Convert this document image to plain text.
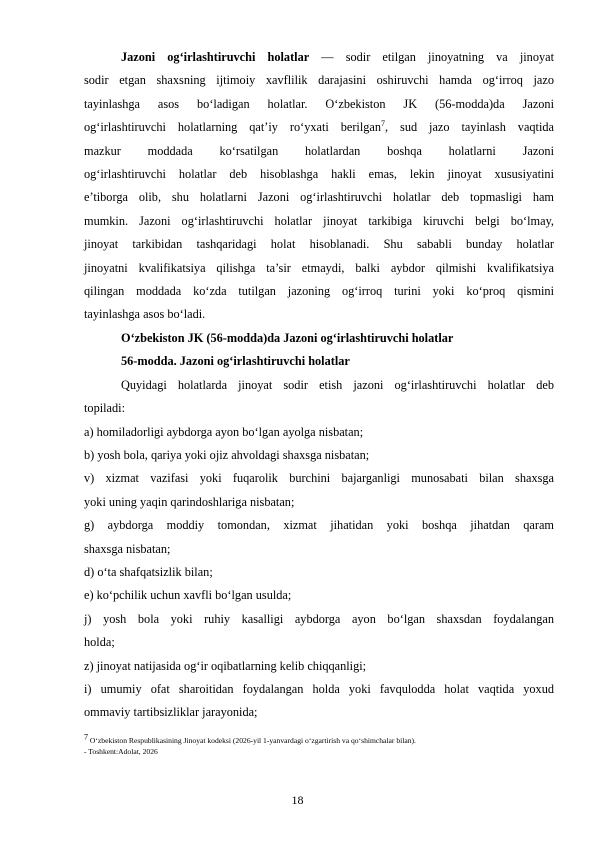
Jazoni og‘irlashtiruvchi holatlar — sodir etilgan jinoyatning va jinoyat
sodir etgan shaxsning ijtimoiy xavflilik darajasini oshiruvchi hamda og‘irroq jazo
tayinlashga asos bo‘ladigan holatlar. O‘zbekiston JK (56-modda)da Jazoni
og‘irlashtiruvchi holatlarning qat’iy ro‘yxati berilgan$^7$, sud jazo tayinlash vaqtida
mazkur moddada ko‘rsatilgan holatlardan boshqa holatlarni Jazoni
og‘irlashtiruvchi holatlar deb hisoblashga hakli emas, lekin jinoyat xususiyatini
e’tiborga olib, shu holatlarni Jazoni og‘irlashtiruvchi holatlar deb topmasligi ham
mumkin. Jazoni og‘irlashtiruvchi holatlar jinoyat tarkibiga kiruvchi belgi bo‘lmay,
jinoyat tarkibidan tashqaridagi holat hisoblanadi. Shu sababli bunday holatlar
jinoyatni kvalifikatsiya qilishga ta’sir etmaydi, balki aybdor qilmishi kvalifikatsiya
qilingan moddada ko‘zda tutilgan jazoning og‘irroq turini yoki ko‘proq qismini
tayinlashga asos bo‘ladi.

O‘zbekiston JK (56-modda)da Jazoni og‘irlashtiruvchi holatlar

56-modda. Jazoni og‘irlashtiruvchi holatlar

Quyidagi holatlarda jinoyat sodir etish jazoni og‘irlashtiruvchi holatlar deb
topiladi:
a) homiladorligi aybdorga ayon bo‘lgan ayolga nisbatan;
b) yosh bola, qariya yoki ojiz ahvoldagi shaxsga nisbatan;
v) xizmat vazifasi yoki fuqarolik burchini bajarganligi munosabati bilan shaxsga
yoki uning yaqin qarindoshlariga nisbatan;
g) aybdorga moddiy tomondan, xizmat jihatidan yoki boshqa jihatdan qaram
shaxsga nisbatan;
d) o‘ta shafqatsizlik bilan;
e) ko‘pchilik uchun xavfli bo‘lgan usulda;
j) yosh bola yoki ruhiy kasalligi aybdorga ayon bo‘lgan shaxsdan foydalangan
holda;
z) jinoyat natijasida og‘ir oqibatlarning kelib chiqqanligi;
i) umumiy ofat sharoitidan foydalangan holda yoki favqulodda holat vaqtida yoxud
ommaviy tartibsizliklar jarayonida;
$^7$ O‘zbekiston Respublikasining Jinoyat kodeksi (2026-yil 1-yanvardagi o‘zgartirish va qo‘shimchalar bilan).
- Toshkent:Adolat, 2026
18
